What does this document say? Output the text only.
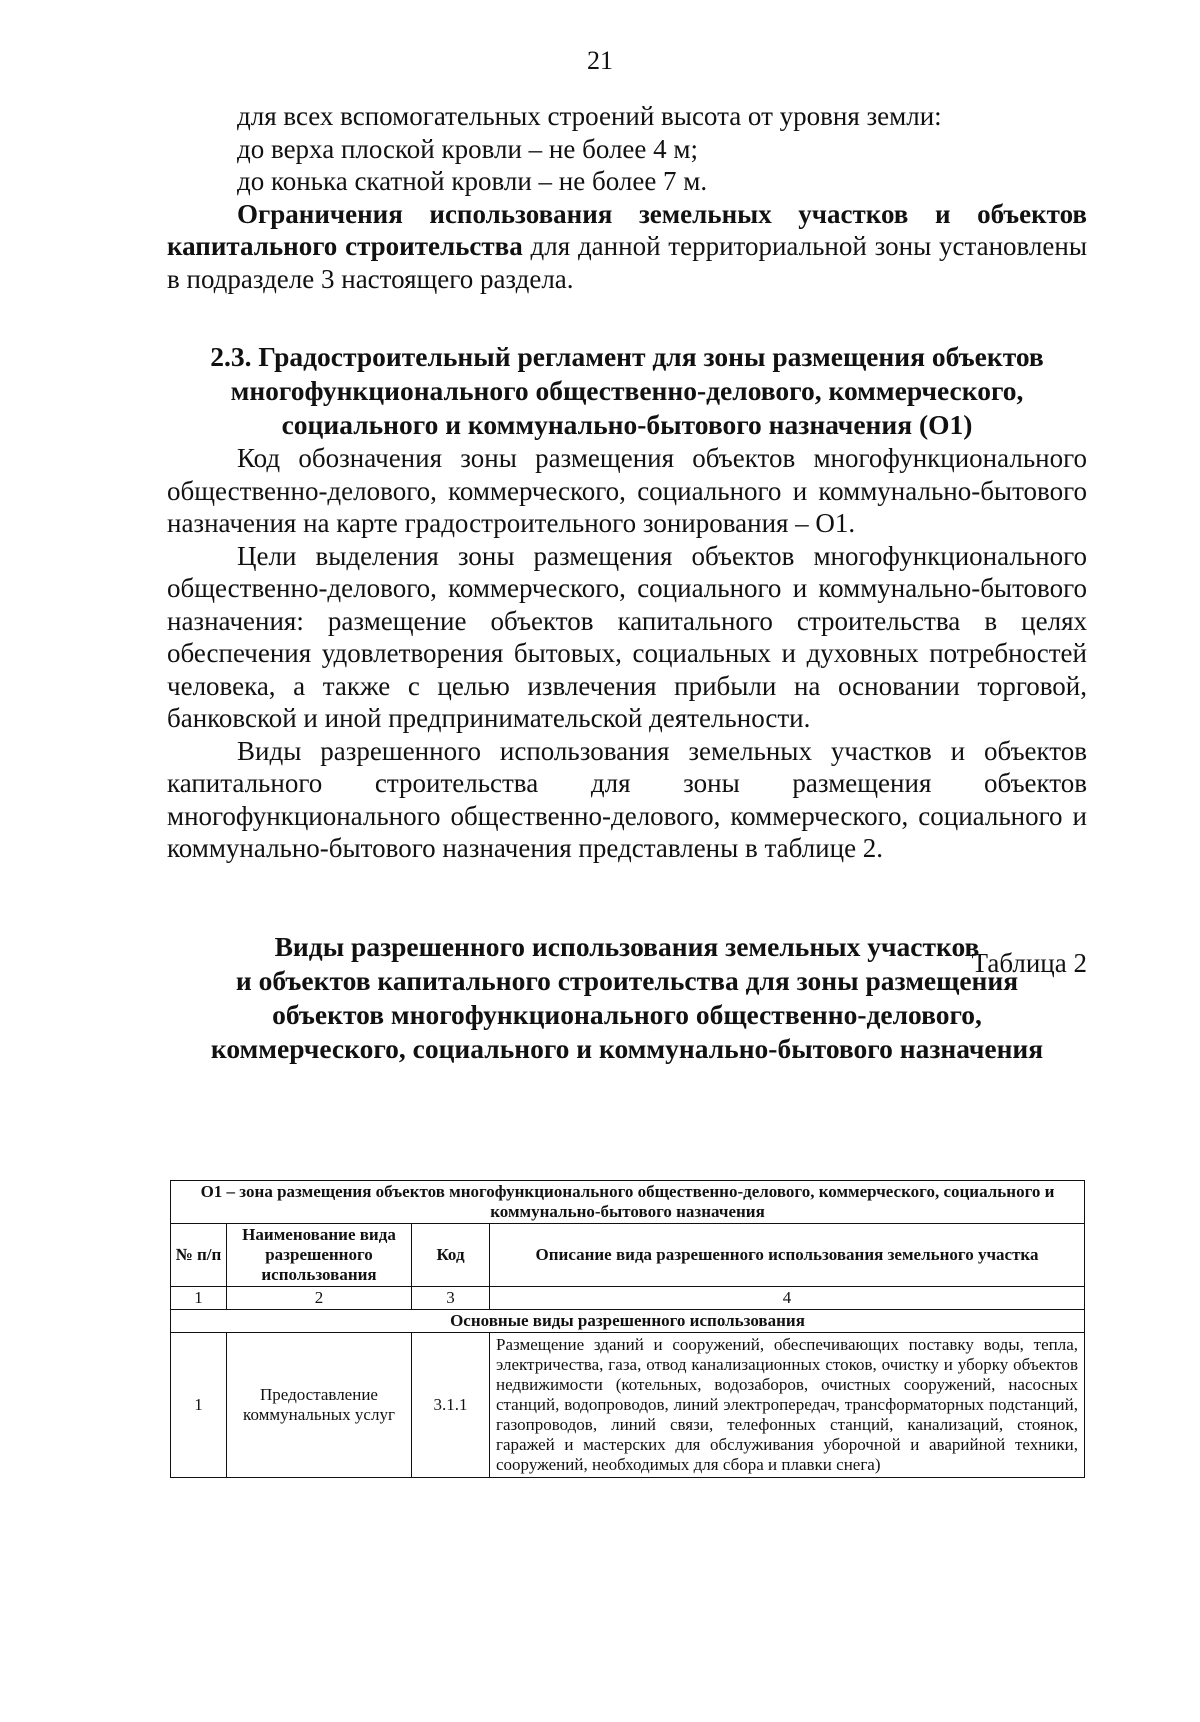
21

для всех вспомогательных строений высота от уровня земли:

до верха плоской кровли – не более 4 м;

до конька скатной кровли – не более 7 м.

Ограничения использования земельных участков и объектов капитального строительства для данной территориальной зоны установлены в подразделе 3 настоящего раздела.

2.3. Градостроительный регламент для зоны размещения объектов
многофункционального общественно-делового, коммерческого,
социального и коммунально-бытового назначения (О1)

Код обозначения зоны размещения объектов многофункционального общественно-делового, коммерческого, социального и коммунально-бытового назначения на карте градостроительного зонирования – О1.

Цели выделения зоны размещения объектов многофункционального общественно-делового, коммерческого, социального и коммунально-бытового назначения: размещение объектов капитального строительства в целях обеспечения удовлетворения бытовых, социальных и духовных потребностей человека, а также с целью извлечения прибыли на основании торговой, банковской и иной предпринимательской деятельности.

Виды разрешенного использования земельных участков и объектов капитального строительства для зоны размещения объектов многофункционального общественно-делового, коммерческого, социального и коммунально-бытового назначения представлены в таблице 2.

Таблица 2
Виды разрешенного использования земельных участков
и объектов капитального строительства для зоны размещения
объектов многофункционального общественно-делового,
коммерческого, социального и коммунально-бытового назначения
О1 – зона размещения объектов многофункционального общественно-делового, коммерческого, социального и коммунально-бытового назначения			
№ п/п	Наименование вида разрешенного использования	Код	Описание вида разрешенного использования земельного участка
1	2	3	4
Основные виды разрешенного использования			
1	Предоставление коммунальных услуг	3.1.1	Размещение зданий и сооружений, обеспечивающих поставку воды, тепла, электричества, газа, отвод канализационных стоков, очистку и уборку объектов недвижимости (котельных, водозаборов, очистных сооружений, насосных станций, водопроводов, линий электропередач, трансформаторных подстанций, газопроводов, линий связи, телефонных станций, канализаций, стоянок, гаражей и мастерских для обслуживания уборочной и аварийной техники, сооружений, необходимых для сбора и плавки снега)
